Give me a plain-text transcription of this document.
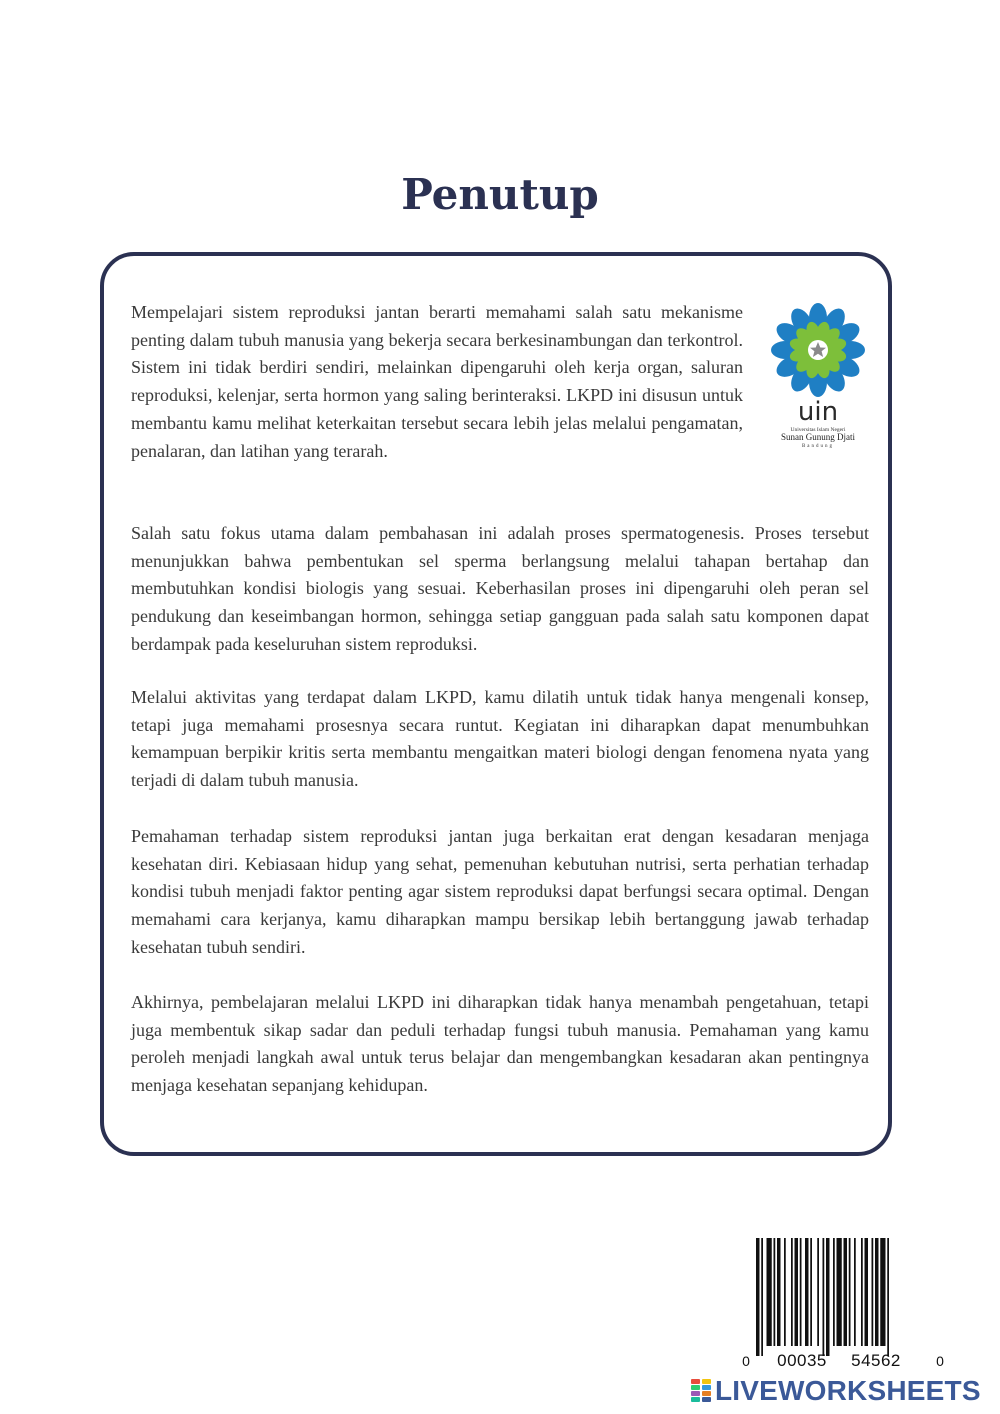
Penutup

Mempelajari sistem reproduksi jantan berarti memahami salah satu mekanisme penting dalam tubuh manusia yang bekerja secara berkesinambungan dan terkontrol. Sistem ini tidak berdiri sendiri, melainkan dipengaruhi oleh kerja organ, saluran reproduksi, kelenjar, serta hormon yang saling berinteraksi. LKPD ini disusun untuk membantu kamu melihat keterkaitan tersebut secara lebih jelas melalui pengamatan, penalaran, dan latihan yang terarah.

uin
Universitas Islam Negeri
Sunan Gunung Djati
Bandung

Salah satu fokus utama dalam pembahasan ini adalah proses spermatogenesis. Proses tersebut menunjukkan bahwa pembentukan sel sperma berlangsung melalui tahapan bertahap dan membutuhkan kondisi biologis yang sesuai. Keberhasilan proses ini dipengaruhi oleh peran sel pendukung dan keseimbangan hormon, sehingga setiap gangguan pada salah satu komponen dapat berdampak pada keseluruhan sistem reproduksi.

Melalui aktivitas yang terdapat dalam LKPD, kamu dilatih untuk tidak hanya mengenali konsep, tetapi juga memahami prosesnya secara runtut. Kegiatan ini diharapkan dapat menumbuhkan kemampuan berpikir kritis serta membantu mengaitkan materi biologi dengan fenomena nyata yang terjadi di dalam tubuh manusia.

Pemahaman terhadap sistem reproduksi jantan juga berkaitan erat dengan kesadaran menjaga kesehatan diri. Kebiasaan hidup yang sehat, pemenuhan kebutuhan nutrisi, serta perhatian terhadap kondisi tubuh menjadi faktor penting agar sistem reproduksi dapat berfungsi secara optimal. Dengan memahami cara kerjanya, kamu diharapkan mampu bersikap lebih bertanggung jawab terhadap kesehatan tubuh sendiri.

Akhirnya, pembelajaran melalui LKPD ini diharapkan tidak hanya menambah pengetahuan, tetapi juga membentuk sikap sadar dan peduli terhadap fungsi tubuh manusia. Pemahaman yang kamu peroleh menjadi langkah awal untuk terus belajar dan mengembangkan kesadaran akan pentingnya menjaga kesehatan sepanjang kehidupan.

0 00035 54562	0
LIVEWORKSHEETS
